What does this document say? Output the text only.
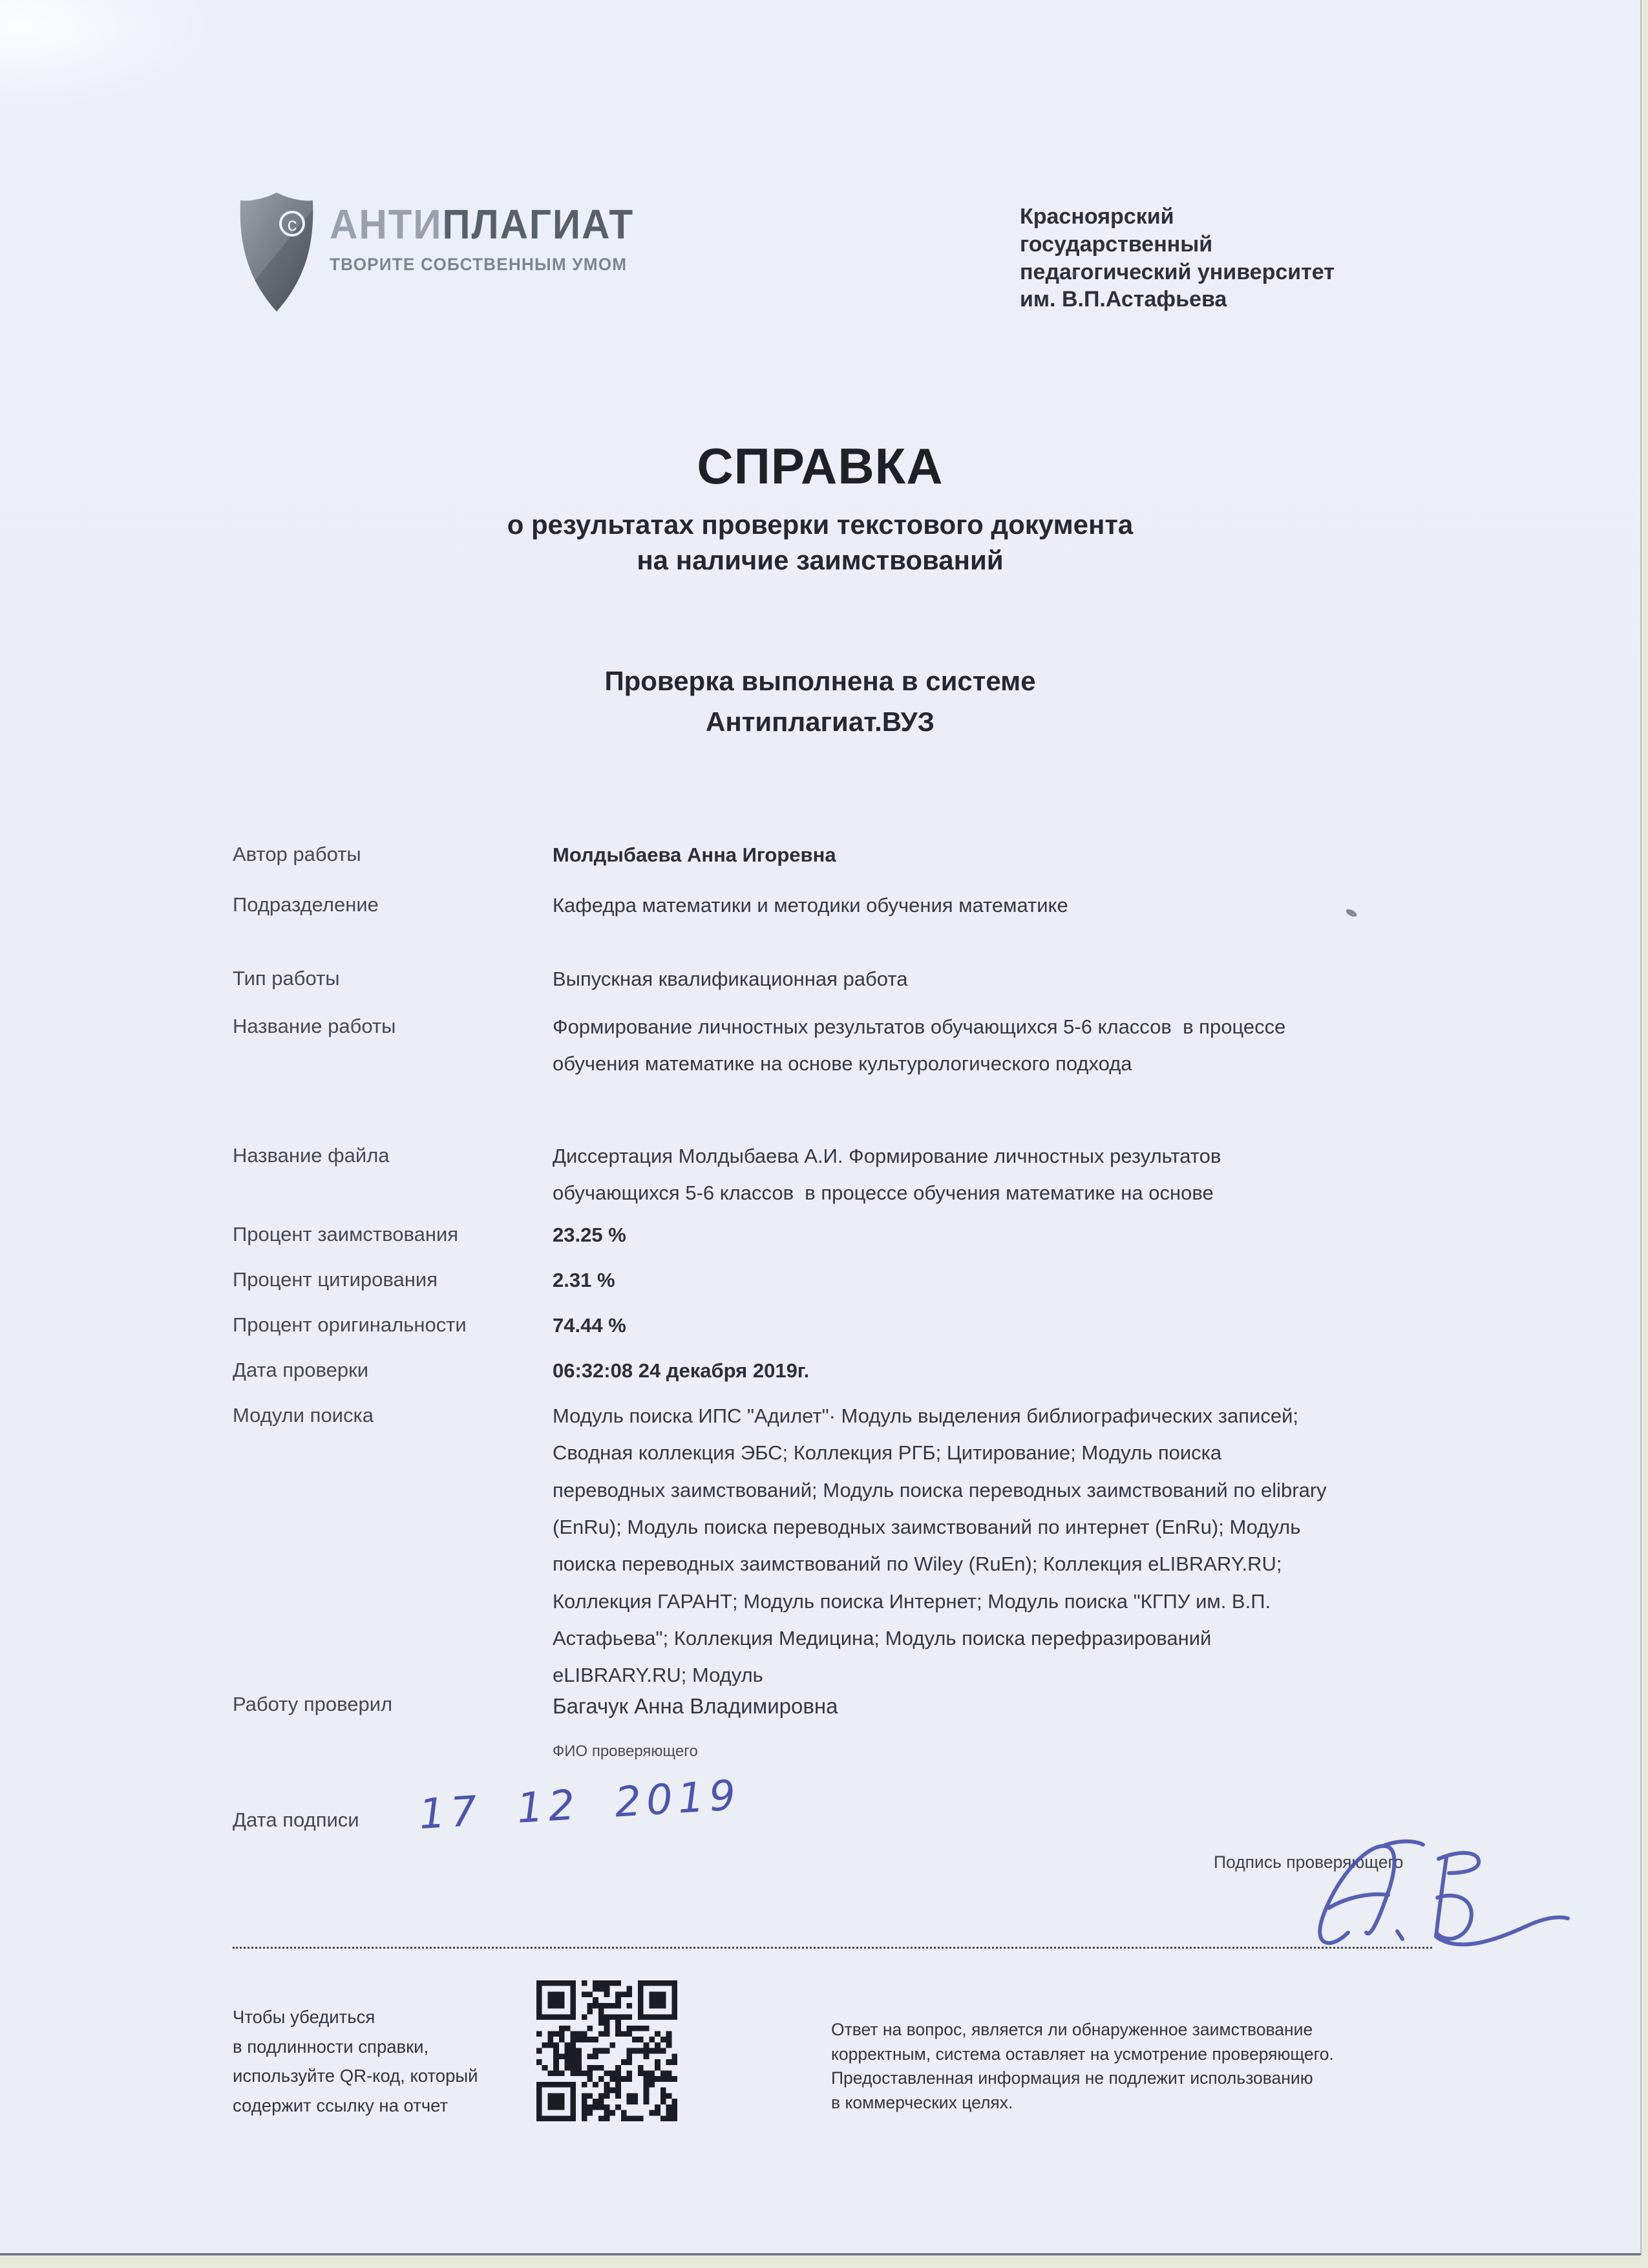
c АНТИПЛАГИАТ
ТВОРИТЕ СОБСТВЕННЫМ УМОМ
Красноярский
государственный
педагогический университет
им. В.П.Астафьева
СПРАВКА
о результатах проверки текстового документа
на наличие заимствований
Проверка выполнена в системе
Антиплагиат.ВУЗ
Автор работы	Молдыбаева Анна Игоревна
Подразделение	Кафедра математики и методики обучения математике
Тип работы	Выпускная квалификационная работа
Название работы	Формирование личностных результатов обучающихся 5-6 классов  в процессе обучения математике на основе культурологического подхода
Название файла	Диссертация Молдыбаева А.И. Формирование личностных результатов обучающихся 5-6 классов  в процессе обучения математике на основе
Процент заимствования	23.25 %
Процент цитирования	2.31 %
Процент оригинальности	74.44 %
Дата проверки	06:32:08 24 декабря 2019г.
Модули поиска	Модуль поиска ИПС "Адилет"· Модуль выделения библиографических записей; Сводная коллекция ЭБС; Коллекция РГБ; Цитирование; Модуль поиска переводных заимствований; Модуль поиска переводных заимствований по elibrary (EnRu); Модуль поиска переводных заимствований по интернет (EnRu); Модуль поиска переводных заимствований по Wiley (RuEn); Коллекция eLIBRARY.RU; Коллекция ГАРАНТ; Модуль поиска Интернет; Модуль поиска "КГПУ им. В.П. Астафьева"; Коллекция Медицина; Модуль поиска перефразирований eLIBRARY.RU; Модуль
Работу проверил	Багачук Анна Владимировна
ФИО проверяющего
Дата подписи 17 12 2019
Подпись проверяющего
Чтобы убедиться
в подлинности справки,
используйте QR-код, который
содержит ссылку на отчет
Ответ на вопрос, является ли обнаруженное заимствование
корректным, система оставляет на усмотрение проверяющего.
Предоставленная информация не подлежит использованию
в коммерческих целях.
